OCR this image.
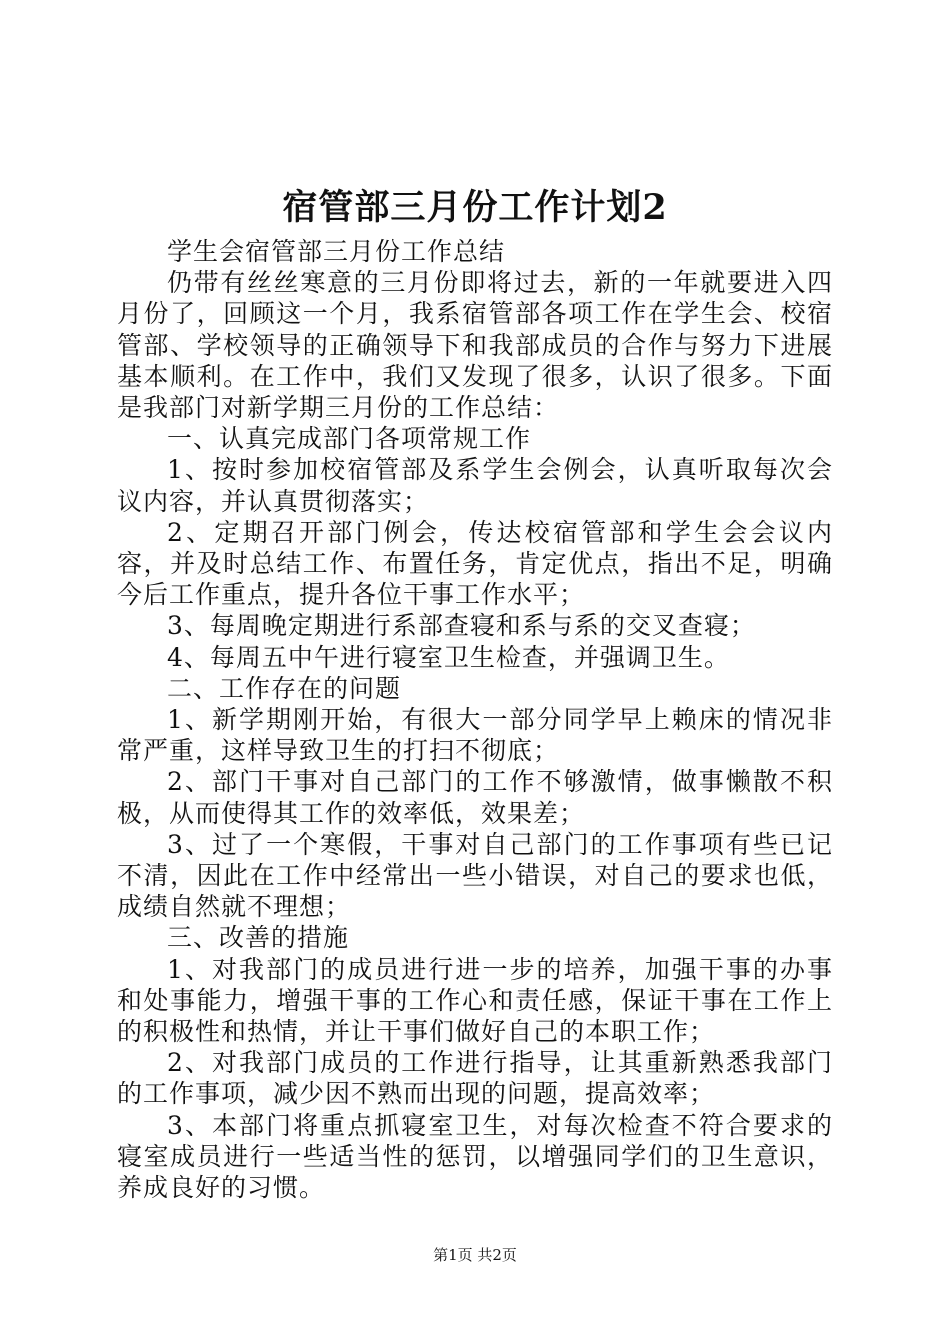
宿管部三月份工作计划2

学生会宿管部三月份工作总结

仍带有丝丝寒意的三月份即将过去，新的一年就要进入四月份了，回顾这一个月，我系宿管部各项工作在学生会、校宿管部、学校领导的正确领导下和我部成员的合作与努力下进展基本顺利。在工作中，我们又发现了很多，认识了很多。下面是我部门对新学期三月份的工作总结：

一、认真完成部门各项常规工作

1、按时参加校宿管部及系学生会例会，认真听取每次会议内容，并认真贯彻落实；

2、定期召开部门例会，传达校宿管部和学生会会议内容，并及时总结工作、布置任务，肯定优点，指出不足，明确今后工作重点，提升各位干事工作水平；

3、每周晚定期进行系部查寝和系与系的交叉查寝；

4、每周五中午进行寝室卫生检查，并强调卫生。

二、工作存在的问题

1、新学期刚开始，有很大一部分同学早上赖床的情况非常严重，这样导致卫生的打扫不彻底；

2、部门干事对自己部门的工作不够激情，做事懒散不积极，从而使得其工作的效率低，效果差；

3、过了一个寒假，干事对自己部门的工作事项有些已记不清，因此在工作中经常出一些小错误，对自己的要求也低，成绩自然就不理想；

三、改善的措施

1、对我部门的成员进行进一步的培养，加强干事的办事和处事能力，增强干事的工作心和责任感，保证干事在工作上的积极性和热情，并让干事们做好自己的本职工作；

2、对我部门成员的工作进行指导，让其重新熟悉我部门的工作事项，减少因不熟而出现的问题，提高效率；

3、本部门将重点抓寝室卫生，对每次检查不符合要求的寝室成员进行一些适当性的惩罚，以增强同学们的卫生意识，养成良好的习惯。

第1页 共2页
